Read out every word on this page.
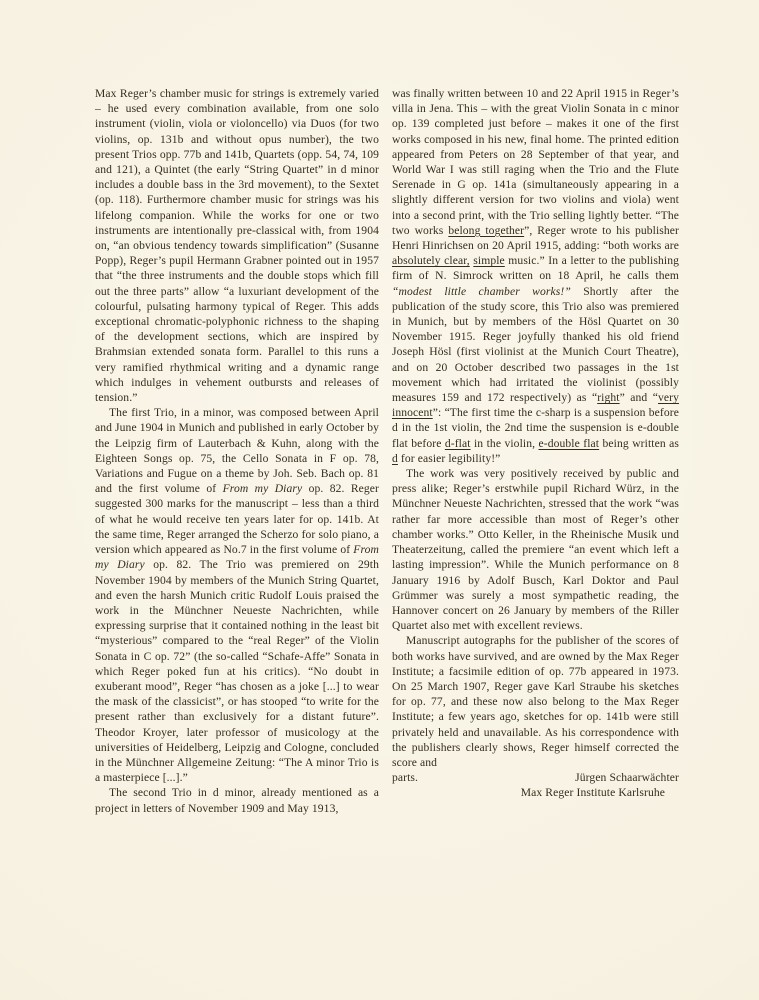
Max Reger’s chamber music for strings is extremely varied – he used every combination available, from one solo instrument (violin, viola or violoncello) via Duos (for two violins, op. 131b and without opus number), the two present Trios opp. 77b and 141b, Quartets (opp. 54, 74, 109 and 121), a Quintet (the early “String Quartet” in d minor includes a double bass in the 3rd movement), to the Sextet (op. 118). Furthermore chamber music for strings was his lifelong companion. While the works for one or two instruments are intentionally pre-classical with, from 1904 on, “an obvious tendency towards simplification” (Susanne Popp), Reger’s pupil Hermann Grabner pointed out in 1957 that “the three instruments and the double stops which fill out the three parts” allow “a luxuriant development of the colourful, pulsating harmony typical of Reger. This adds exceptional chromatic-polyphonic richness to the shaping of the development sections, which are inspired by Brahmsian extended sonata form. Parallel to this runs a very ramified rhythmical writing and a dynamic range which indulges in vehement outbursts and releases of tension.”

The first Trio, in a minor, was composed between April and June 1904 in Munich and published in early October by the Leipzig firm of Lauterbach & Kuhn, along with the Eighteen Songs op. 75, the Cello Sonata in F op. 78, Variations and Fugue on a theme by Joh. Seb. Bach op. 81 and the first volume of From my Diary op. 82. Reger suggested 300 marks for the manuscript – less than a third of what he would receive ten years later for op. 141b. At the same time, Reger arranged the Scherzo for solo piano, a version which appeared as No.7 in the first volume of From my Diary op. 82. The Trio was premiered on 29th November 1904 by members of the Munich String Quartet, and even the harsh Munich critic Rudolf Louis praised the work in the Münchner Neueste Nachrichten, while expressing surprise that it contained nothing in the least bit “mysterious” compared to the “real Reger” of the Violin Sonata in C op. 72” (the so-called “Schafe-Affe” Sonata in which Reger poked fun at his critics). “No doubt in exuberant mood”, Reger “has chosen as a joke [...] to wear the mask of the classicist”, or has stooped “to write for the present rather than exclusively for a distant future”. Theodor Kroyer, later professor of musicology at the universities of Heidelberg, Leipzig and Cologne, concluded in the Münchner Allgemeine Zeitung: “The A minor Trio is a masterpiece [...].”

The second Trio in d minor, already mentioned as a project in letters of November 1909 and May 1913,

was finally written between 10 and 22 April 1915 in Reger’s villa in Jena. This – with the great Violin Sonata in c minor op. 139 completed just before – makes it one of the first works composed in his new, final home. The printed edition appeared from Peters on 28 September of that year, and World War I was still raging when the Trio and the Flute Serenade in G op. 141a (simultaneously appearing in a slightly different version for two violins and viola) went into a second print, with the Trio selling lightly better. “The two works belong together”, Reger wrote to his publisher Henri Hinrichsen on 20 April 1915, adding: “both works are absolutely clear, simple music.” In a letter to the publishing firm of N. Simrock written on 18 April, he calls them “modest little chamber works!” Shortly after the publication of the study score, this Trio also was premiered in Munich, but by members of the Hösl Quartet on 30 November 1915. Reger joyfully thanked his old friend Joseph Hösl (first violinist at the Munich Court Theatre), and on 20 October described two passages in the 1st movement which had irritated the violinist (possibly measures 159 and 172 respectively) as “right” and “very innocent”: “The first time the c-sharp is a suspension before d in the 1st violin, the 2nd time the suspension is e-double flat before d-flat in the violin, e-double flat being written as d for easier legibility!”

The work was very positively received by public and press alike; Reger’s erstwhile pupil Richard Würz, in the Münchner Neueste Nachrichten, stressed that the work “was rather far more accessible than most of Reger’s other chamber works.” Otto Keller, in the Rheinische Musik und Theaterzeitung, called the premiere “an event which left a lasting impression”. While the Munich performance on 8 January 1916 by Adolf Busch, Karl Doktor and Paul Grümmer was surely a most sympathetic reading, the Hannover concert on 26 January by members of the Riller Quartet also met with excellent reviews.

Manuscript autographs for the publisher of the scores of both works have survived, and are owned by the Max Reger Institute; a facsimile edition of op. 77b appeared in 1973. On 25 March 1907, Reger gave Karl Straube his sketches for op. 77, and these now also belong to the Max Reger Institute; a few years ago, sketches for op. 141b were still privately held and unavailable. As his correspondence with the publishers clearly shows, Reger himself corrected the score and

parts.	Jürgen Schaarwächter
Max Reger Institute Karlsruhe
